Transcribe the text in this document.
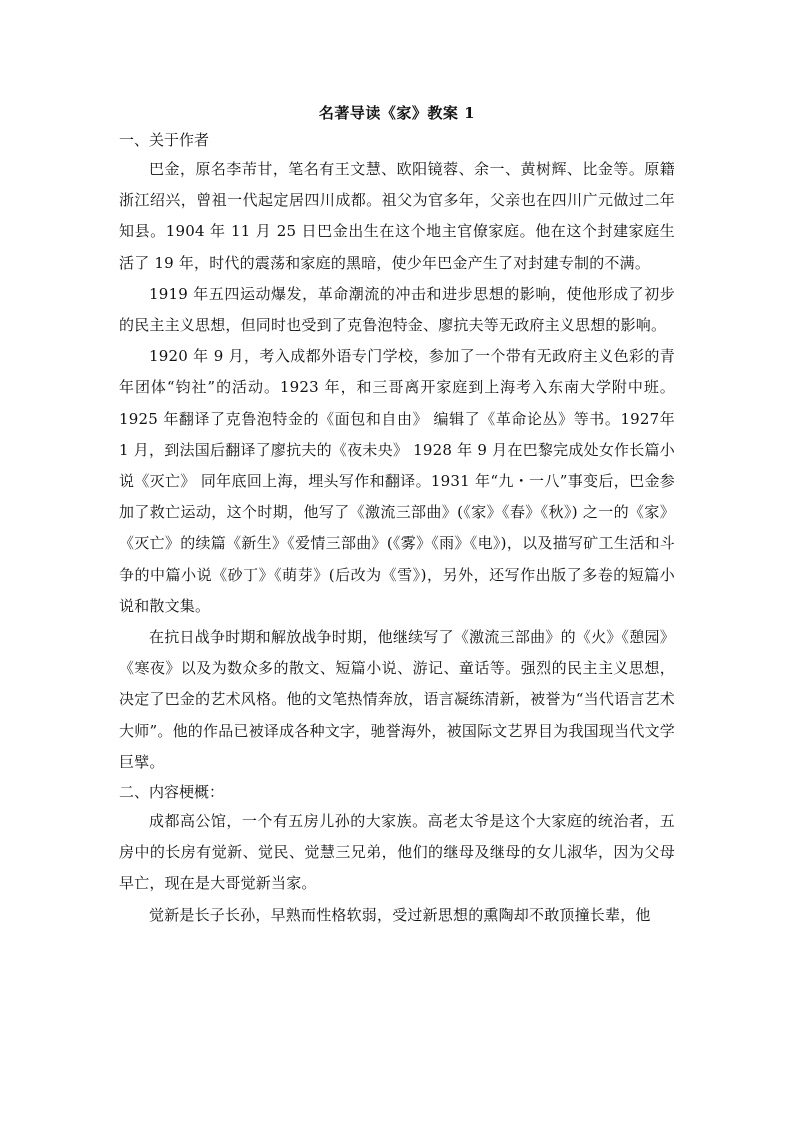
名著导读《家》教案 1
一、关于作者

巴金，原名李芾甘，笔名有王文慧、欧阳镜蓉、余一、黄树辉、比金等。原籍浙江绍兴，曾祖一代起定居四川成都。祖父为官多年，父亲也在四川广元做过二年知县。1904 年 11 月 25 日巴金出生在这个地主官僚家庭。他在这个封建家庭生活了 19 年，时代的震荡和家庭的黑暗，使少年巴金产生了对封建专制的不满。

1919 年五四运动爆发，革命潮流的冲击和进步思想的影响，使他形成了初步的民主主义思想，但同时也受到了克鲁泡特金、廖抗夫等无政府主义思想的影响。

1920 年 9 月，考入成都外语专门学校，参加了一个带有无政府主义色彩的青年团体“钧社”的活动。1923 年，和三哥离开家庭到上海考入东南大学附中班。1925 年翻译了克鲁泡特金的《面包和自由》 编辑了《革命论丛》等书。1927年 1 月，到法国后翻译了廖抗夫的《夜未央》 1928 年 9 月在巴黎完成处女作长篇小说《灭亡》 同年底回上海，埋头写作和翻译。1931 年“九・一八”事变后，巴金参加了救亡运动，这个时期，他写了《激流三部曲》(《家》《春》《秋》) 之一的《家》《灭亡》的续篇《新生》《爱情三部曲》(《雾》《雨》《电》)，以及描写矿工生活和斗争的中篇小说《砂丁》《萌芽》(后改为《雪》)，另外，还写作出版了多卷的短篇小说和散文集。

在抗日战争时期和解放战争时期，他继续写了《激流三部曲》的《火》《憩园》《寒夜》以及为数众多的散文、短篇小说、游记、童话等。强烈的民主主义思想，决定了巴金的艺术风格。他的文笔热情奔放，语言凝练清新，被誉为“当代语言艺术大师”。他的作品已被译成各种文字，驰誉海外，被国际文艺界目为我国现当代文学巨擘。

二、内容梗概：

成都高公馆，一个有五房儿孙的大家族。高老太爷是这个大家庭的统治者，五房中的长房有觉新、觉民、觉慧三兄弟，他们的继母及继母的女儿淑华，因为父母早亡，现在是大哥觉新当家。

觉新是长子长孙，早熟而性格软弱，受过新思想的熏陶却不敢顶撞长辈，他
